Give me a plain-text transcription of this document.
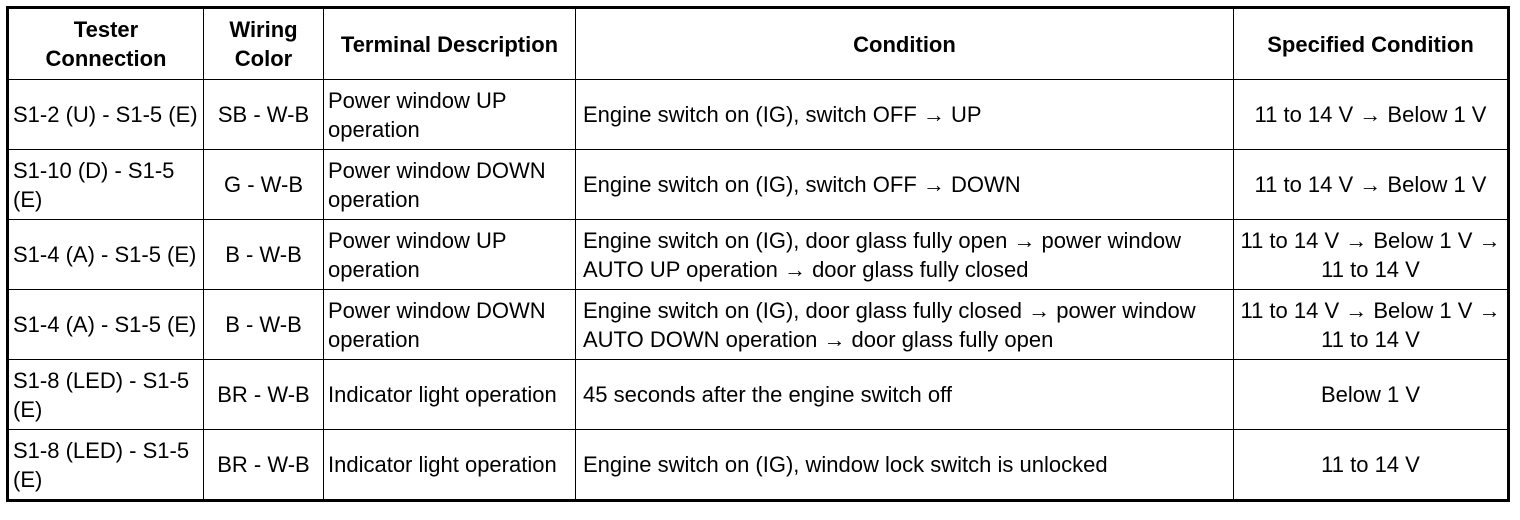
Tester Connection	Wiring Color	Terminal Description	Condition	Specified Condition
S1-2 (U) - S1-5 (E)	SB - W-B	Power window UP operation	Engine switch on (IG), switch OFF → UP	11 to 14 V → Below 1 V
S1-10 (D) - S1-5 (E)	G - W-B	Power window DOWN operation	Engine switch on (IG), switch OFF → DOWN	11 to 14 V → Below 1 V
S1-4 (A) - S1-5 (E)	B - W-B	Power window UP operation	Engine switch on (IG), door glass fully open → power window AUTO UP operation → door glass fully closed	11 to 14 V → Below 1 V → 11 to 14 V
S1-4 (A) - S1-5 (E)	B - W-B	Power window DOWN operation	Engine switch on (IG), door glass fully closed → power window AUTO DOWN operation → door glass fully open	11 to 14 V → Below 1 V → 11 to 14 V
S1-8 (LED) - S1-5 (E)	BR - W-B	Indicator light operation	45 seconds after the engine switch off	Below 1 V
S1-8 (LED) - S1-5 (E)	BR - W-B	Indicator light operation	Engine switch on (IG), window lock switch is unlocked	11 to 14 V
